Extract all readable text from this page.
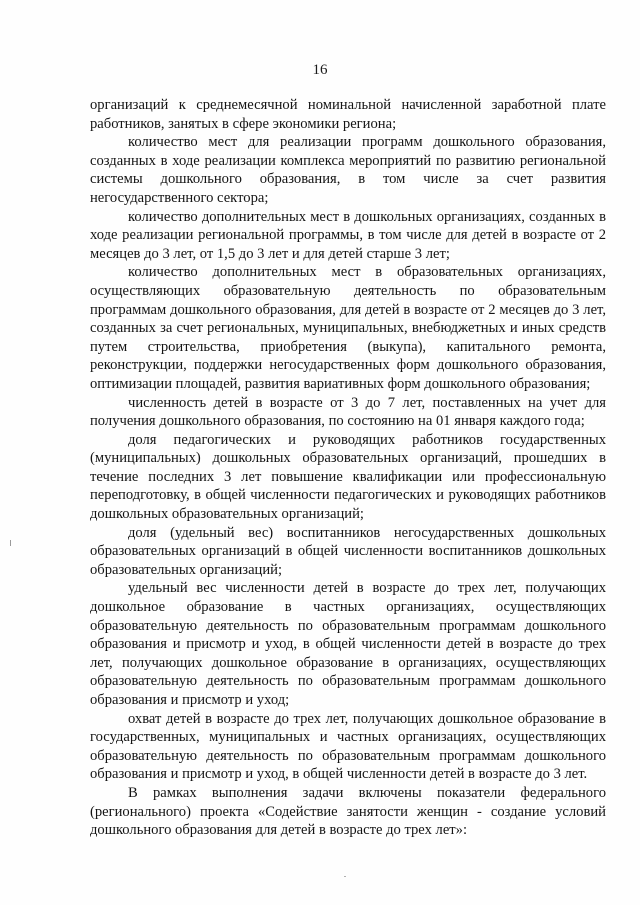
16

организаций к среднемесячной номинальной начисленной заработной плате работников, занятых в сфере экономики региона;

количество мест для реализации программ дошкольного образования, созданных в ходе реализации комплекса мероприятий по развитию региональной системы дошкольного образования, в том числе за счет развития негосударственного сектора;

количество дополнительных мест в дошкольных организациях, созданных в ходе реализации региональной программы, в том числе для детей в возрасте от 2 месяцев до 3 лет, от 1,5 до 3 лет и для детей старше 3 лет;

количество дополнительных мест в образовательных организациях, осуществляющих образовательную деятельность по образовательным программам дошкольного образования, для детей в возрасте от 2 месяцев до 3 лет, созданных за счет региональных, муниципальных, внебюджетных и иных средств путем строительства, приобретения (выкупа), капитального ремонта, реконструкции, поддержки негосударственных форм дошкольного образования, оптимизации площадей, развития вариативных форм дошкольного образования;

численность детей в возрасте от 3 до 7 лет, поставленных на учет для получения дошкольного образования, по состоянию на 01 января каждого года;

доля педагогических и руководящих работников государственных (муниципальных) дошкольных образовательных организаций, прошедших в течение последних 3 лет повышение квалификации или профессиональную переподготовку, в общей численности педагогических и руководящих работников дошкольных образовательных организаций;

доля (удельный вес) воспитанников негосударственных дошкольных образовательных организаций в общей численности воспитанников дошкольных образовательных организаций;

удельный вес численности детей в возрасте до трех лет, получающих дошкольное образование в частных организациях, осуществляющих образовательную деятельность по образовательным программам дошкольного образования и присмотр и уход, в общей численности детей в возрасте до трех лет, получающих дошкольное образование в организациях, осуществляющих образовательную деятельность по образовательным программам дошкольного образования и присмотр и уход;

охват детей в возрасте до трех лет, получающих дошкольное образование в государственных, муниципальных и частных организациях, осуществляющих образовательную деятельность по образовательным программам дошкольного образования и присмотр и уход, в общей численности детей в возрасте до 3 лет.

В рамках выполнения задачи включены показатели федерального (регионального) проекта «Содействие занятости женщин - создание условий дошкольного образования для детей в возрасте до трех лет»:
